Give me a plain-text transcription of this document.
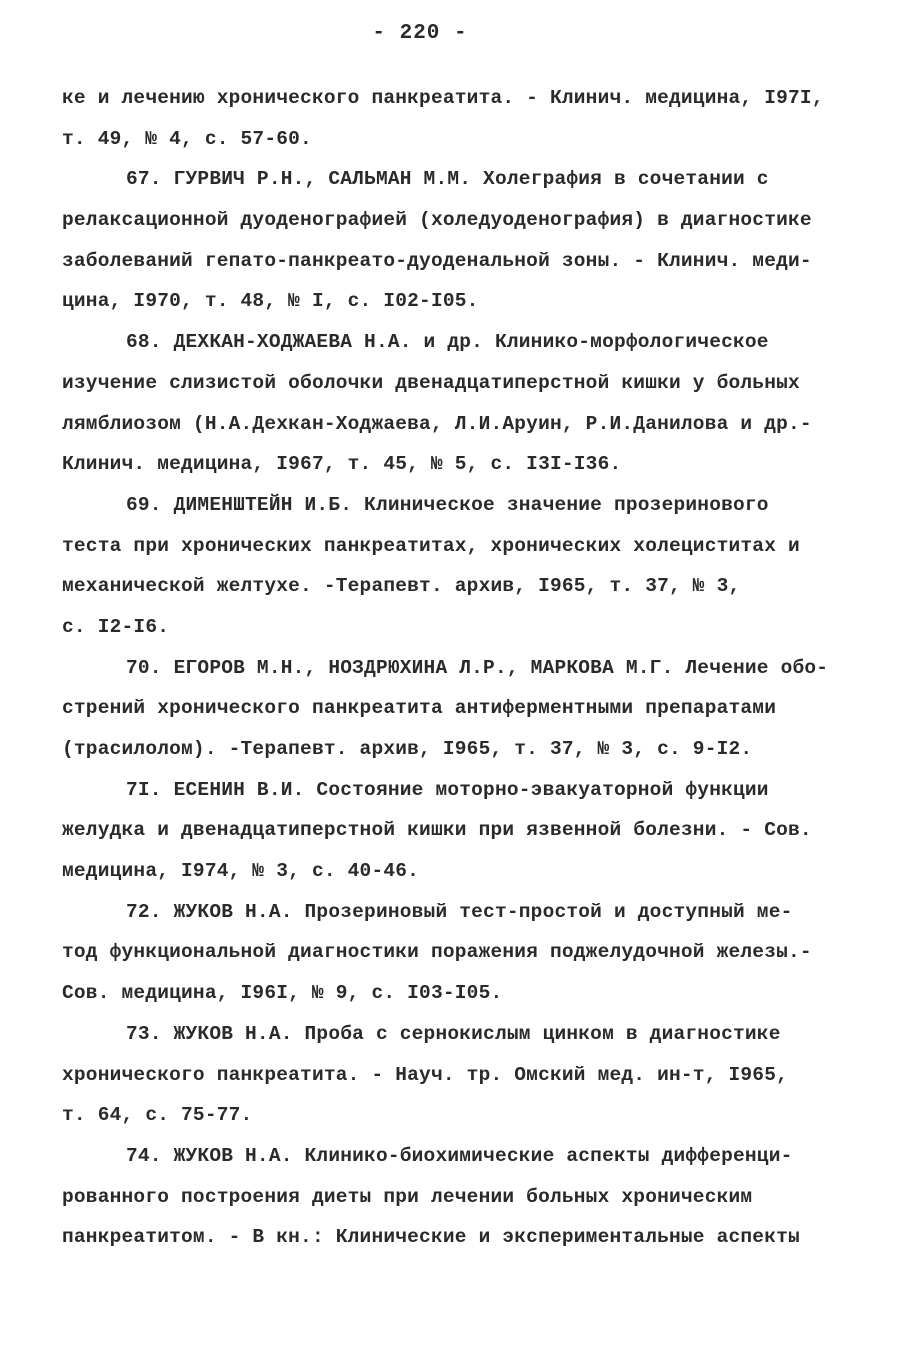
- 220 -
ке и лечению хронического панкреатита. - Клинич. медицина, I97I,
т. 49, № 4, с. 57-60.
67. ГУРВИЧ Р.Н., САЛЬМАН М.М. Холеграфия в сочетании с
релаксационной дуоденографией (холедуоденография) в диагностике
заболеваний гепато-панкреато-дуоденальной зоны. - Клинич. меди-
цина, I970, т. 48, № I, с. I02-I05.
68. ДЕХКАН-ХОДЖАЕВА Н.А. и др. Клинико-морфологическое
изучение слизистой оболочки двенадцатиперстной кишки у больных
лямблиозом (Н.А.Дехкан-Ходжаева, Л.И.Аруин, Р.И.Данилова и др.-
Клинич. медицина, I967, т. 45, № 5, с. I3I-I36.
69. ДИМЕНШТЕЙН И.Б. Клиническое значение прозеринового
теста при хронических панкреатитах, хронических холециститах и
механической желтухе. -Терапевт. архив, I965, т. 37, № 3,
с. I2-I6.
70. ЕГОРОВ М.Н., НОЗДРЮХИНА Л.Р., МАРКОВА М.Г. Лечение обо-
стрений хронического панкреатита антиферментными препаратами
(трасилолом). -Терапевт. архив, I965, т. 37, № 3, с. 9-I2.
7I. ЕСЕНИН В.И. Состояние моторно-эвакуаторной функции
желудка и двенадцатиперстной кишки при язвенной болезни. - Сов.
медицина, I974, № 3, с. 40-46.
72. ЖУКОВ Н.А. Прозериновый тест-простой и доступный ме-
тод функциональной диагностики поражения поджелудочной железы.-
Сов. медицина, I96I, № 9, с. I03-I05.
73. ЖУКОВ Н.А. Проба с сернокислым цинком в диагностике
хронического панкреатита. - Науч. тр. Омский мед. ин-т, I965,
т. 64, с. 75-77.
74. ЖУКОВ Н.А. Клинико-биохимические аспекты дифференци-
рованного построения диеты при лечении больных хроническим
панкреатитом. - В кн.: Клинические и экспериментальные аспекты
